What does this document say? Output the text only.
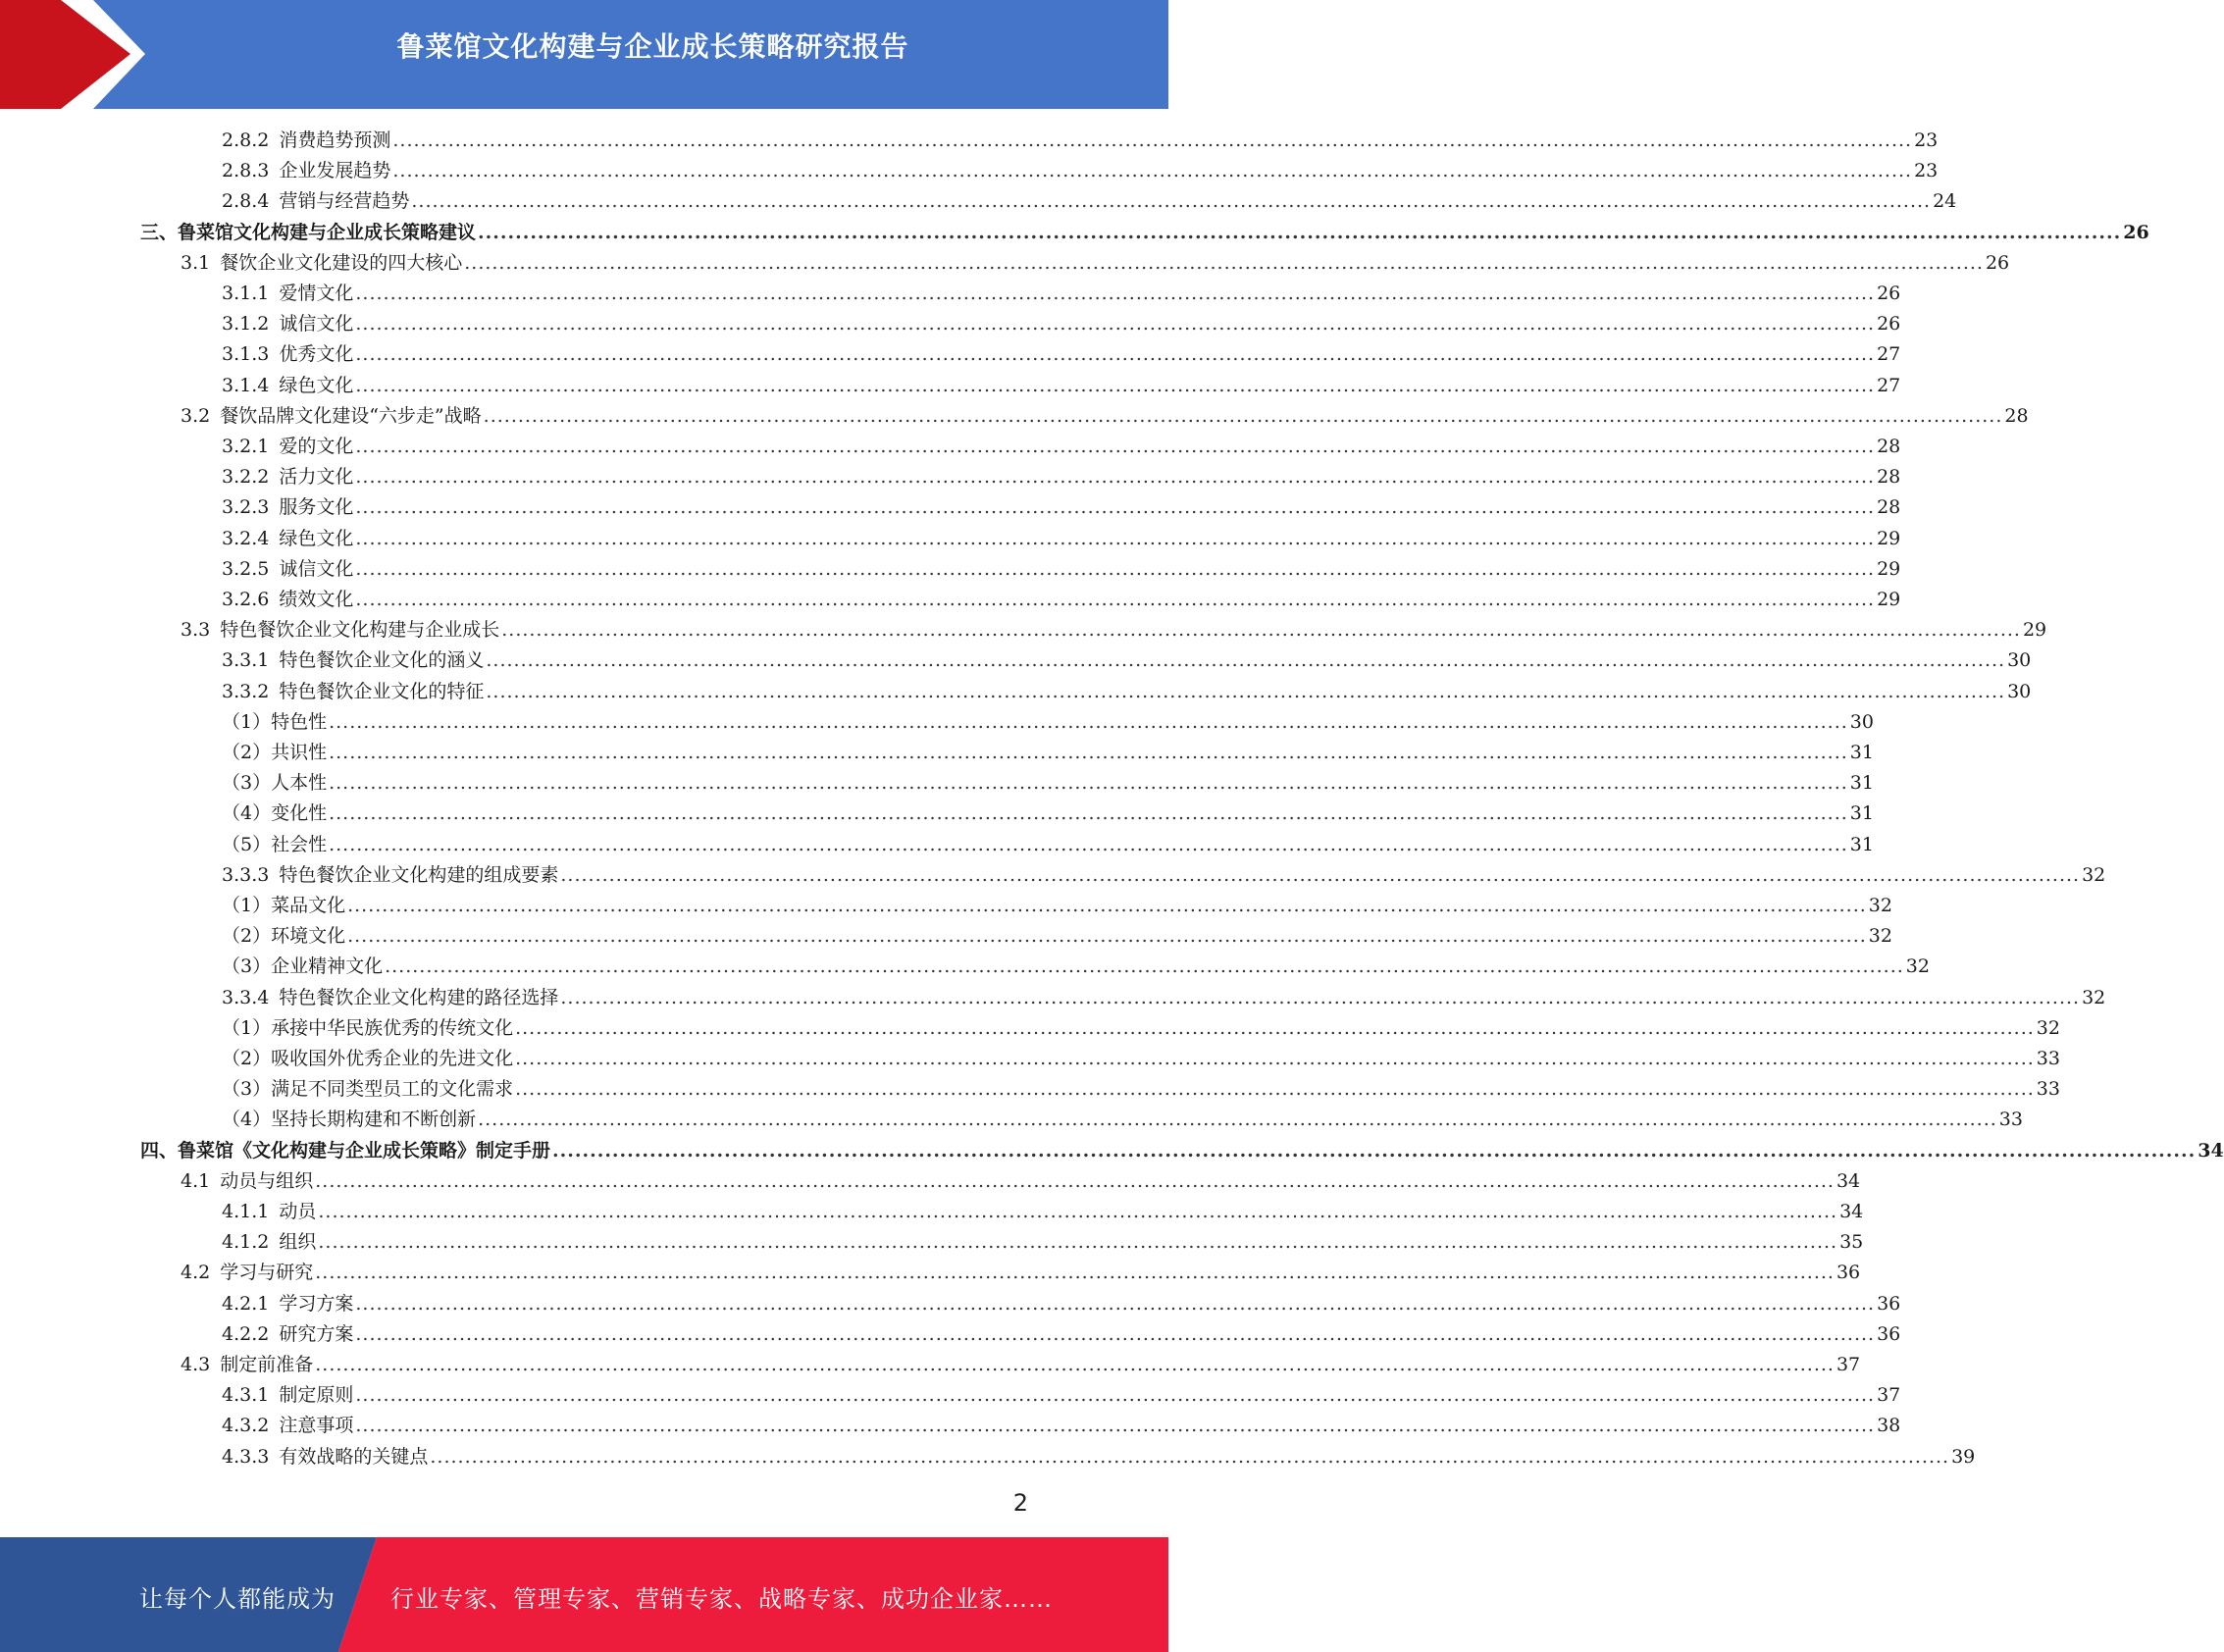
鲁菜馆文化构建与企业成长策略研究报告
2.8.2 消费趋势预测 ............................................................................................................................................................................................................................ 23
2.8.3 企业发展趋势 ............................................................................................................................................................................................................................ 23
2.8.4 营销与经营趋势 ............................................................................................................................................................................................................................ 24
三、鲁菜馆文化构建与企业成长策略建议 ............................................................................................................................................................................................................................ 26
3.1 餐饮企业文化建设的四大核心 ............................................................................................................................................................................................................................ 26
3.1.1 爱情文化 ............................................................................................................................................................................................................................ 26
3.1.2 诚信文化 ............................................................................................................................................................................................................................ 26
3.1.3 优秀文化 ............................................................................................................................................................................................................................ 27
3.1.4 绿色文化 ............................................................................................................................................................................................................................ 27
3.2 餐饮品牌文化建设“六步走”战略 ............................................................................................................................................................................................................................ 28
3.2.1 爱的文化 ............................................................................................................................................................................................................................ 28
3.2.2 活力文化 ............................................................................................................................................................................................................................ 28
3.2.3 服务文化 ............................................................................................................................................................................................................................ 28
3.2.4 绿色文化 ............................................................................................................................................................................................................................ 29
3.2.5 诚信文化 ............................................................................................................................................................................................................................ 29
3.2.6 绩效文化 ............................................................................................................................................................................................................................ 29
3.3 特色餐饮企业文化构建与企业成长 ............................................................................................................................................................................................................................ 29
3.3.1 特色餐饮企业文化的涵义 ............................................................................................................................................................................................................................ 30
3.3.2 特色餐饮企业文化的特征 ............................................................................................................................................................................................................................ 30
（1）特色性 ............................................................................................................................................................................................................................ 30
（2）共识性 ............................................................................................................................................................................................................................ 31
（3）人本性 ............................................................................................................................................................................................................................ 31
（4）变化性 ............................................................................................................................................................................................................................ 31
（5）社会性 ............................................................................................................................................................................................................................ 31
3.3.3 特色餐饮企业文化构建的组成要素 ............................................................................................................................................................................................................................ 32
（1）菜品文化 ............................................................................................................................................................................................................................ 32
（2）环境文化 ............................................................................................................................................................................................................................ 32
（3）企业精神文化 ............................................................................................................................................................................................................................ 32
3.3.4 特色餐饮企业文化构建的路径选择 ............................................................................................................................................................................................................................ 32
（1）承接中华民族优秀的传统文化 ............................................................................................................................................................................................................................ 32
（2）吸收国外优秀企业的先进文化 ............................................................................................................................................................................................................................ 33
（3）满足不同类型员工的文化需求 ............................................................................................................................................................................................................................ 33
（4）坚持长期构建和不断创新 ............................................................................................................................................................................................................................ 33
四、鲁菜馆《文化构建与企业成长策略》制定手册 ............................................................................................................................................................................................................................ 34
4.1 动员与组织 ............................................................................................................................................................................................................................ 34
4.1.1 动员 ............................................................................................................................................................................................................................ 34
4.1.2 组织 ............................................................................................................................................................................................................................ 35
4.2 学习与研究 ............................................................................................................................................................................................................................ 36
4.2.1 学习方案 ............................................................................................................................................................................................................................ 36
4.2.2 研究方案 ............................................................................................................................................................................................................................ 36
4.3 制定前准备 ............................................................................................................................................................................................................................ 37
4.3.1 制定原则 ............................................................................................................................................................................................................................ 37
4.3.2 注意事项 ............................................................................................................................................................................................................................ 38
4.3.3 有效战略的关键点 ............................................................................................................................................................................................................................ 39
2
让每个人都能成为 行业专家、管理专家、营销专家、战略专家、成功企业家……
